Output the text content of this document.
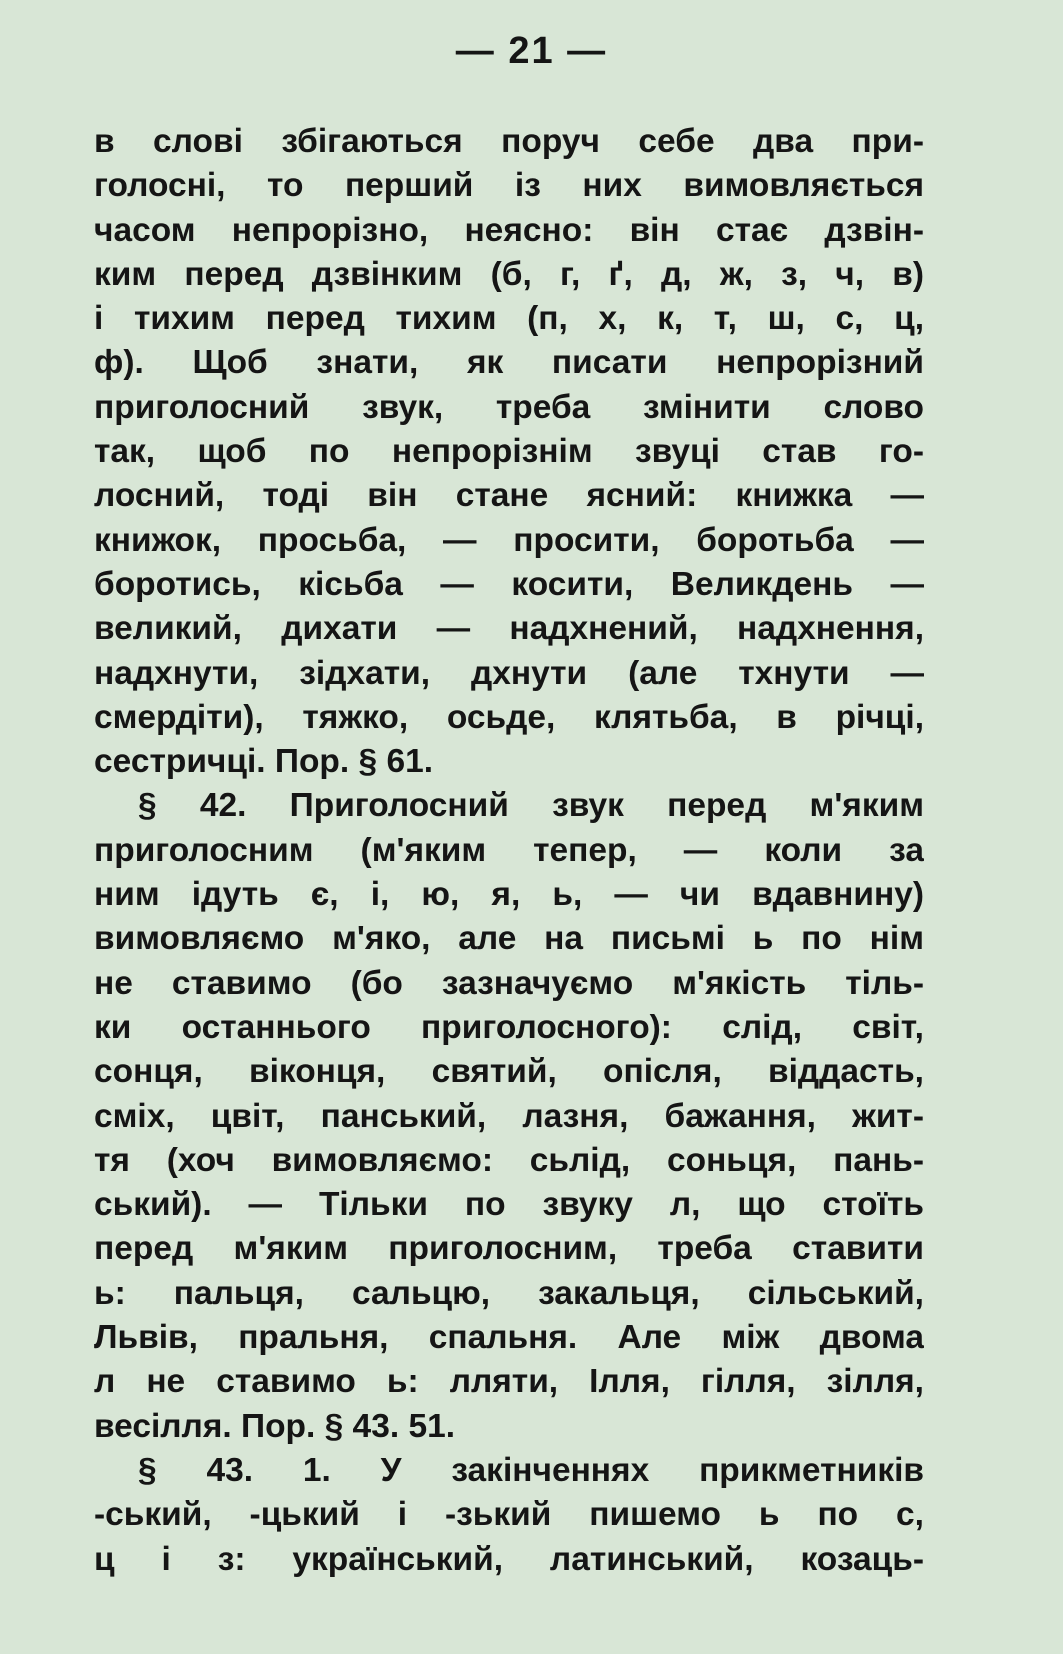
— 21 —
в слові збігаються поруч себе два при-
голосні, то перший із них вимовляється
часом непрорізно, неясно: він стає дзвін-
ким перед дзвінким (б, г, ґ, д, ж, з, ч, в)
і тихим перед тихим (п, х, к, т, ш, с, ц,
ф). Щоб знати, як писати непрорізний
приголосний звук, треба змінити слово
так, щоб по непрорізнім звуці став го-
лосний, тоді він стане ясний: книжка —
книжок, просьба, — просити, боротьба —
боротись, кісьба — косити, Великдень —
великий, дихати — надхнений, надхнення,
надхнути, зідхати, дхнути (але тхнути —
смердіти), тяжко, осьде, клятьба, в річці,
сестричці. Пор. § 61.
§ 42. Приголосний звук перед м'яким
приголосним (м'яким тепер, — коли за
ним ідуть є, і, ю, я, ь, — чи вдавнину)
вимовляємо м'яко, але на письмі ь по нім
не ставимо (бо зазначуємо м'якість тіль-
ки останнього приголосного): слід, світ,
сонця, віконця, святий, опісля, віддасть,
сміх, цвіт, панський, лазня, бажання, жит-
тя (хоч вимовляємо: сьлід, соньця, пань-
ський). — Тільки по звуку л, що стоїть
перед м'яким приголосним, треба ставити
ь: пальця, сальцю, закальця, сільський,
Львів, пральня, спальня. Але між двома
л не ставимо ь: лляти, Ілля, гілля, зілля,
весілля. Пор. § 43. 51.
§ 43. 1. У закінченнях прикметників
-ський, -цький і -зький пишемо ь по с,
ц і з: український, латинський, козаць-
